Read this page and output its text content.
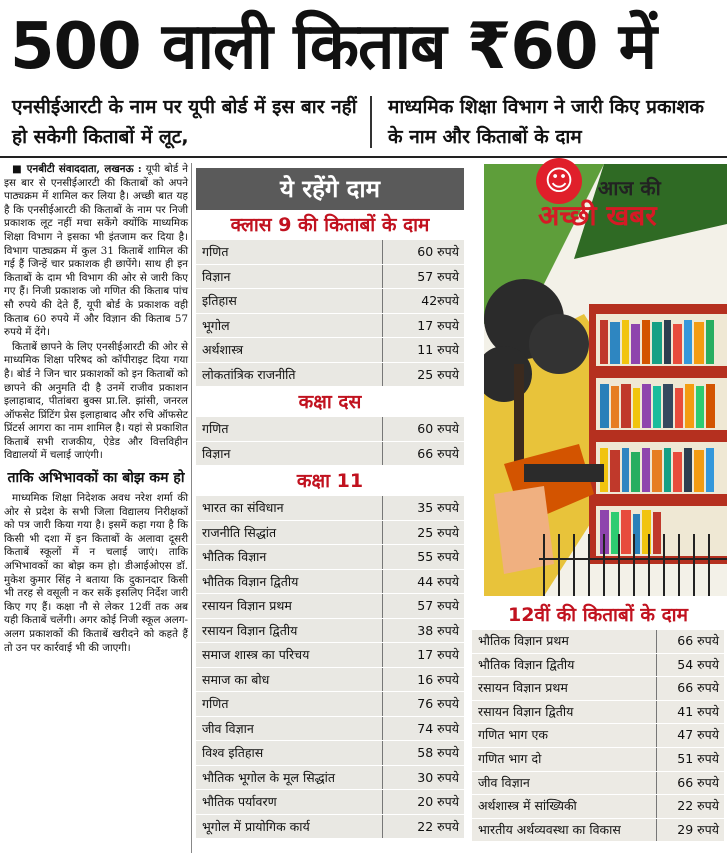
500 वाली किताब ₹60 में
एनसीईआरटी के नाम पर यूपी बोर्ड में इस बार नहीं हो सकेगी किताबों में लूट,
माध्यमिक शिक्षा विभाग ने जारी किए प्रकाशक के नाम और किताबों के दाम

■ एनबीटी संवाददाता, लखनऊ : यूपी बोर्ड ने इस बार से एनसीईआरटी की किताबों को अपने पाठ्यक्रम में शामिल कर लिया है। अच्छी बात यह है कि एनसीईआरटी की किताबों के नाम पर निजी प्रकाशक लूट नहीं मचा सकेंगे क्योंकि माध्यमिक शिक्षा विभाग ने इसका भी इंतजाम कर दिया है। विभाग पाठ्यक्रम में कुल 31 किताबें शामिल की गई हैं जिन्हें चार प्रकाशक ही छापेंगे। साथ ही इन किताबों के दाम भी विभाग की ओर से जारी किए गए हैं। निजी प्रकाशक जो गणित की किताब पांच सौ रुपये की देते हैं, यूपी बोर्ड के प्रकाशक वही किताब 60 रुपये में और विज्ञान की किताब 57 रुपये में देंगे।

किताबें छापने के लिए एनसीईआरटी की ओर से माध्यमिक शिक्षा परिषद को कॉपीराइट दिया गया है। बोर्ड ने जिन चार प्रकाशकों को इन किताबों को छापने की अनुमति दी है उनमें राजीव प्रकाशन इलाहाबाद, पीतांबरा बुक्स प्रा.लि. झांसी, जनरल ऑफसेट प्रिंटिंग प्रेस इलाहाबाद और रुचि ऑफसेट प्रिंटर्स आगरा का नाम शामिल है। यहां से प्रकाशित किताबें सभी राजकीय, ऐडेड और वित्तविहीन विद्यालयों में चलाई जाएंगी।

ताकि अभिभावकों का बोझ कम हो

माध्यमिक शिक्षा निदेशक अवध नरेश शर्मा की ओर से प्रदेश के सभी जिला विद्यालय निरीक्षकों को पत्र जारी किया गया है। इसमें कहा गया है कि किसी भी दशा में इन किताबों के अलावा दूसरी किताबें स्कूलों में न चलाई जाएं। ताकि अभिभावकों का बोझ कम हो। डीआईओएस डॉ. मुकेश कुमार सिंह ने बताया कि दुकानदार किसी भी तरह से वसूली न कर सकें इसलिए निर्देश जारी किए गए हैं। कक्षा नौ से लेकर 12वीं तक अब यही किताबें चलेंगी। अगर कोई निजी स्कूल अलग-अलग प्रकाशकों की किताबें खरीदने को कहते हैं तो उन पर कार्रवाई भी की जाएगी।

ये रहेंगे दाम
क्लास 9 की किताबों के दाम
गणित	60 रुपये
विज्ञान	57 रुपये
इतिहास	42रुपये
भूगोल	17 रुपये
अर्थशास्त्र	11 रुपये
लोकतांत्रिक राजनीति	25 रुपये
कक्षा दस
गणित	60 रुपये
विज्ञान	66 रुपये
कक्षा 11
भारत का संविधान	35 रुपये
राजनीति सिद्धांत	25 रुपये
भौतिक विज्ञान	55 रुपये
भौतिक विज्ञान द्वितीय	44 रुपये
रसायन विज्ञान प्रथम	57 रुपये
रसायन विज्ञान द्वितीय	38 रुपये
समाज शास्त्र का परिचय	17 रुपये
समाज का बोध	16 रुपये
गणित	76 रुपये
जीव विज्ञान	74 रुपये
विश्व इतिहास	58 रुपये
भौतिक भूगोल के मूल सिद्धांत	30 रुपये
भौतिक पर्यावरण	20 रुपये
भूगोल में प्रायोगिक कार्य	22 रुपये
☺	आज की
अच्छी खबर
12वीं की किताबों के दाम
भौतिक विज्ञान प्रथम	66 रुपये
भौतिक विज्ञान द्वितीय	54 रुपये
रसायन विज्ञान प्रथम	66 रुपये
रसायन विज्ञान द्वितीय	41 रुपये
गणित भाग एक	47 रुपये
गणित भाग दो	51 रुपये
जीव विज्ञान	66 रुपये
अर्थशास्त्र में सांख्यिकी	22 रुपये
भारतीय अर्थव्यवस्था का विकास	29 रुपये
